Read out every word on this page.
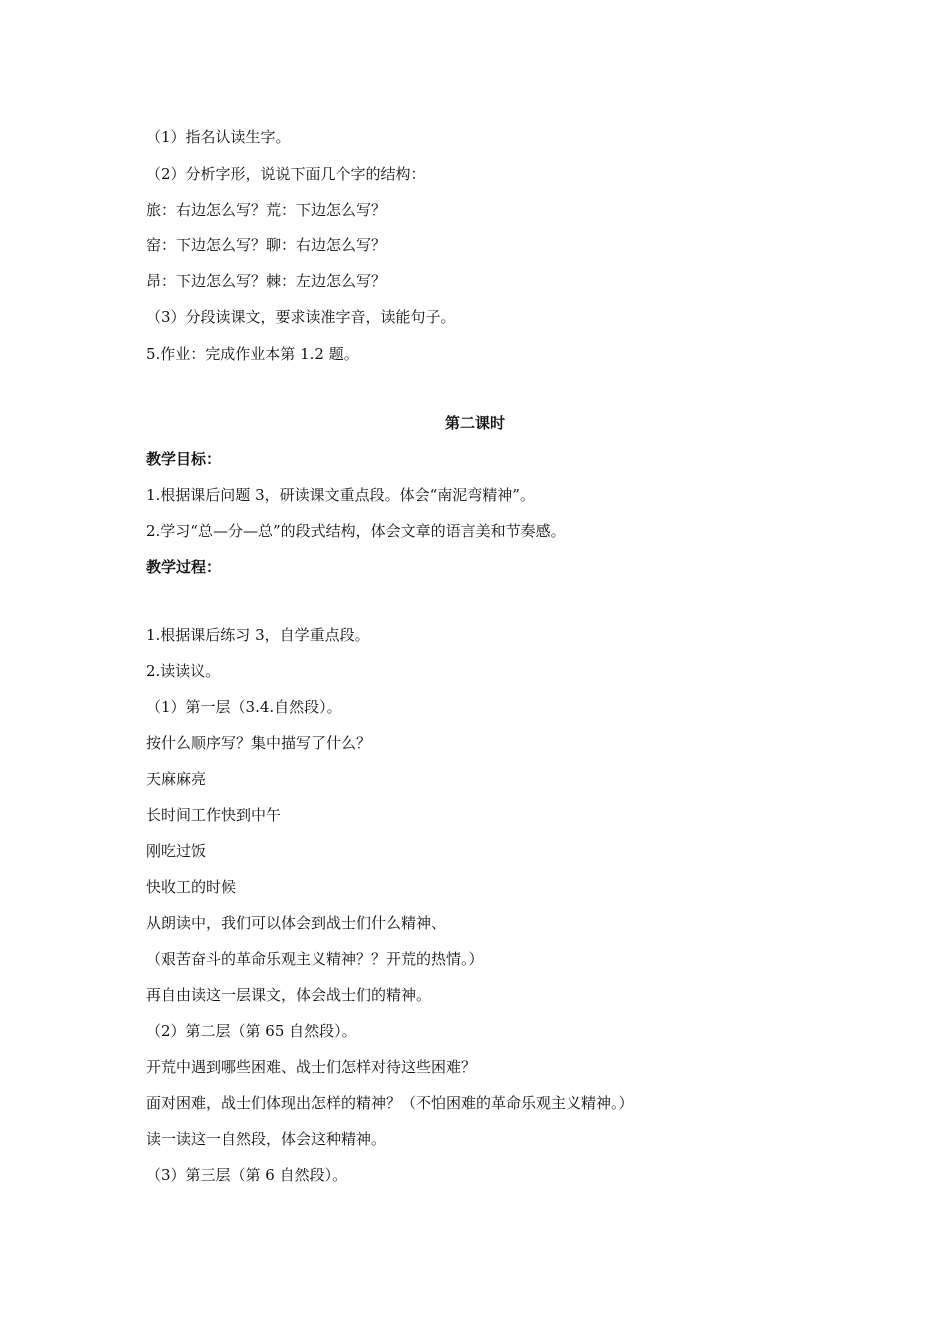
（1）指名认读生字。
（2）分析字形，说说下面几个字的结构：
旅：右边怎么写？荒：下边怎么写？
窑：下边怎么写？聊：右边怎么写？
昂：下边怎么写？棘：左边怎么写？
（3）分段读课文，要求读准字音，读能句子。
5.作业：完成作业本第 1.2 题。
第二课时
教学目标：
1.根据课后问题 3，研读课文重点段。体会“南泥弯精神”。
2.学习“总—分—总”的段式结构，体会文章的语言美和节奏感。
教学过程：
1.根据课后练习 3，自学重点段。
2.读读议。
（1）第一层（3.4.自然段）。
按什么顺序写？集中描写了什么？
天麻麻亮
长时间工作快到中午
刚吃过饭
快收工的时候
从朗读中，我们可以体会到战士们什么精神、
（艰苦奋斗的革命乐观主义精神？？开荒的热情。）
再自由读这一层课文，体会战士们的精神。
（2）第二层（第 65 自然段）。
开荒中遇到哪些困难、战士们怎样对待这些困难？
面对困难，战士们体现出怎样的精神？（不怕困难的革命乐观主义精神。）
读一读这一自然段，体会这种精神。
（3）第三层（第 6 自然段）。
